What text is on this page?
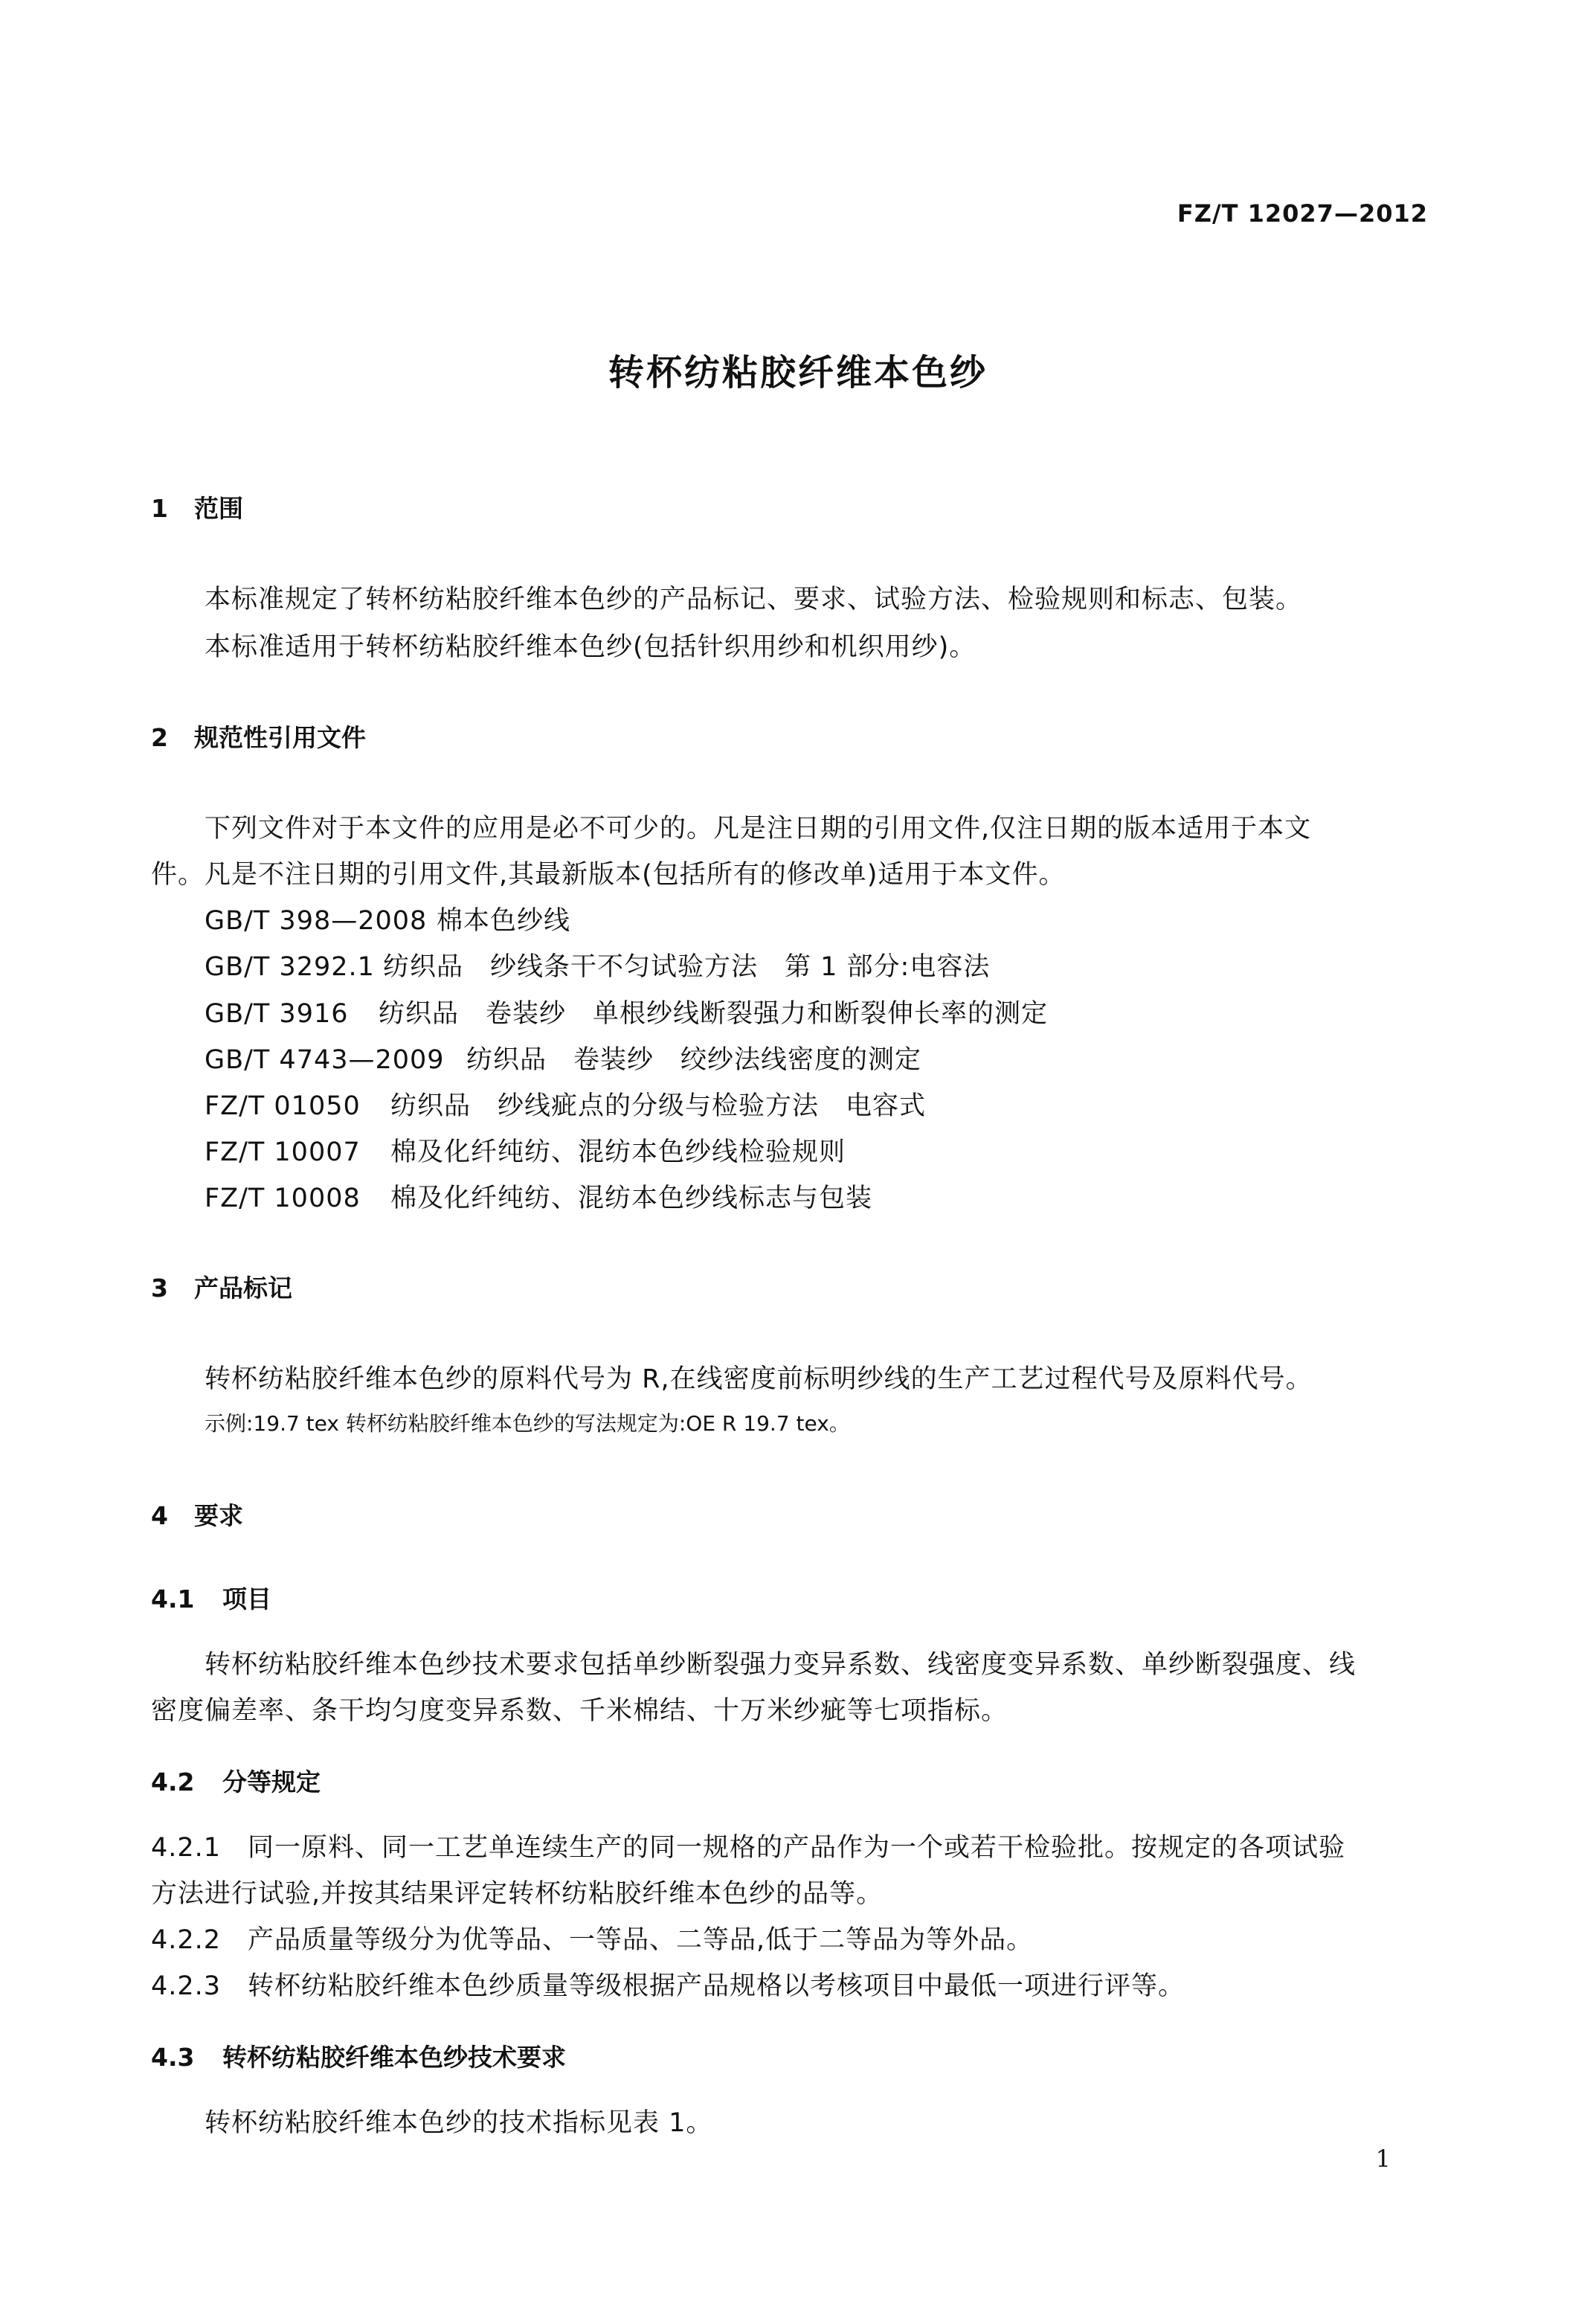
FZ/T 12027—2012
转杯纺粘胶纤维本色纱
1 范围
本标准规定了转杯纺粘胶纤维本色纱的产品标记、要求、试验方法、检验规则和标志、包装。
本标准适用于转杯纺粘胶纤维本色纱(包括针织用纱和机织用纱)。
2 规范性引用文件
下列文件对于本文件的应用是必不可少的。凡是注日期的引用文件,仅注日期的版本适用于本文
件。凡是不注日期的引用文件,其最新版本(包括所有的修改单)适用于本文件。
GB/T 398—2008 棉本色纱线
GB/T 3292.1 纺织品　纱线条干不匀试验方法　第 1 部分:电容法
GB/T 3916 纺织品　卷装纱　单根纱线断裂强力和断裂伸长率的测定
GB/T 4743—2009 纺织品　卷装纱　绞纱法线密度的测定
FZ/T 01050 纺织品　纱线疵点的分级与检验方法　电容式
FZ/T 10007 棉及化纤纯纺、混纺本色纱线检验规则
FZ/T 10008 棉及化纤纯纺、混纺本色纱线标志与包装
3 产品标记
转杯纺粘胶纤维本色纱的原料代号为 R,在线密度前标明纱线的生产工艺过程代号及原料代号。
示例:19.7 tex 转杯纺粘胶纤维本色纱的写法规定为:OE R 19.7 tex。
4 要求
4.1 项目
转杯纺粘胶纤维本色纱技术要求包括单纱断裂强力变异系数、线密度变异系数、单纱断裂强度、线
密度偏差率、条干均匀度变异系数、千米棉结、十万米纱疵等七项指标。
4.2 分等规定
4.2.1　同一原料、同一工艺单连续生产的同一规格的产品作为一个或若干检验批。按规定的各项试验
方法进行试验,并按其结果评定转杯纺粘胶纤维本色纱的品等。
4.2.2　产品质量等级分为优等品、一等品、二等品,低于二等品为等外品。
4.2.3　转杯纺粘胶纤维本色纱质量等级根据产品规格以考核项目中最低一项进行评等。
4.3 转杯纺粘胶纤维本色纱技术要求
转杯纺粘胶纤维本色纱的技术指标见表 1。
1
